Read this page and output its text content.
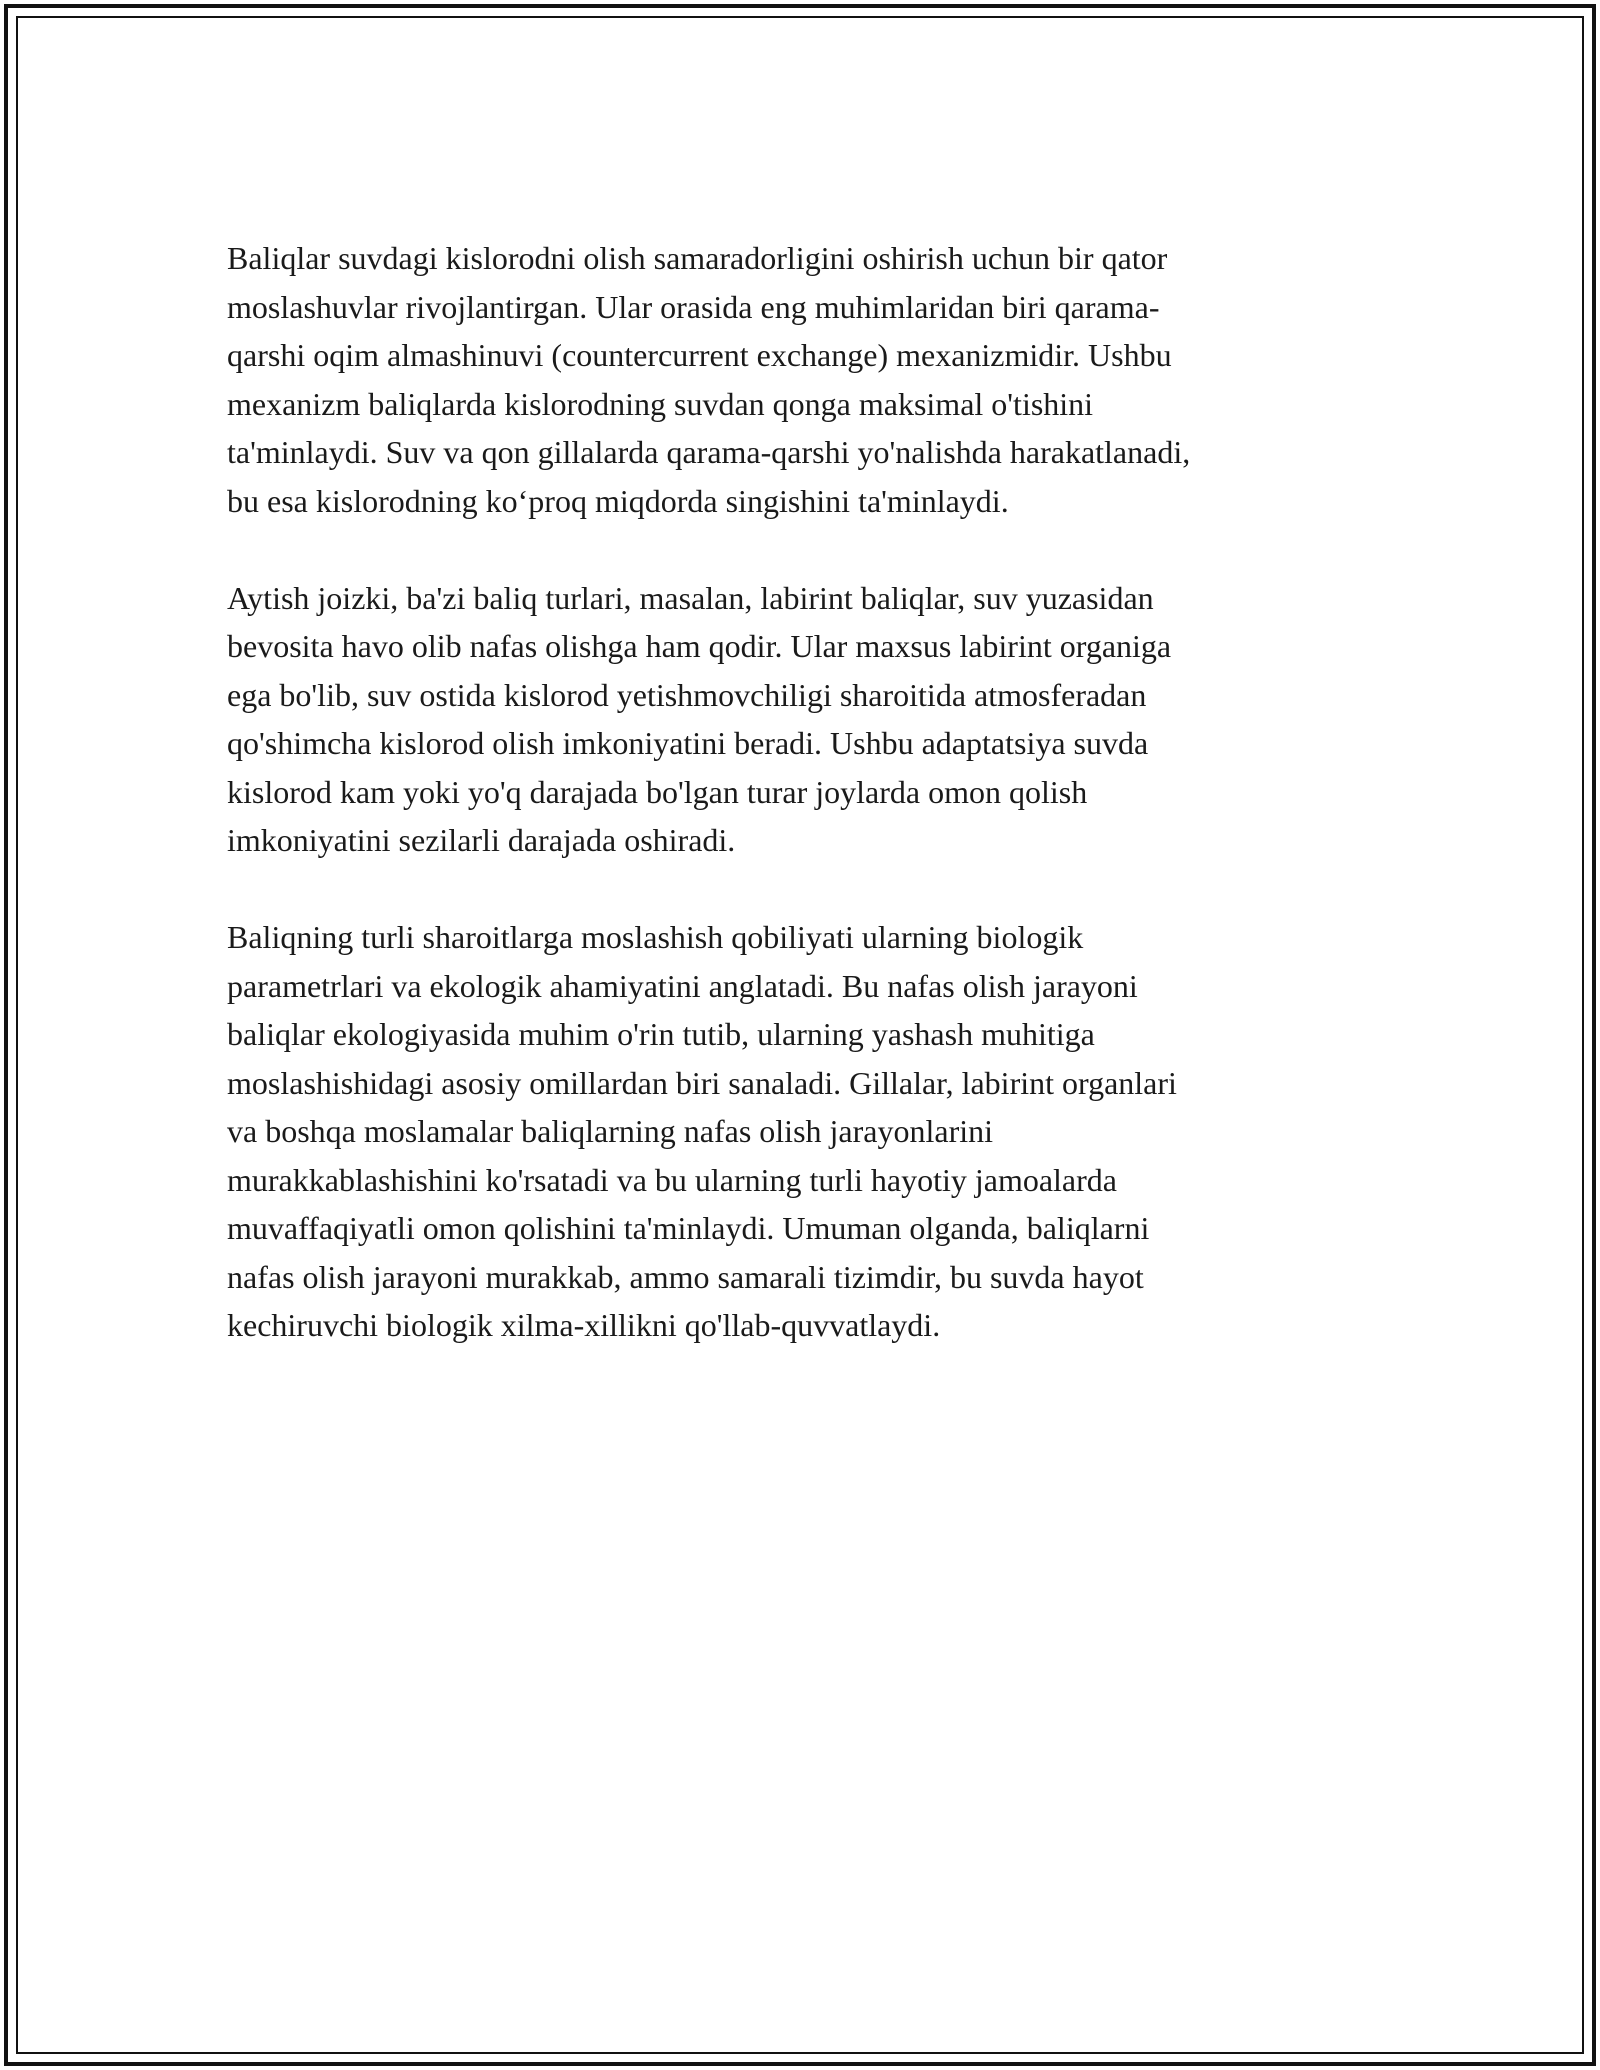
Baliqlar suvdagi kislorodni olish samaradorligini oshirish uchun bir qator
moslashuvlar rivojlantirgan. Ular orasida eng muhimlaridan biri qarama-
qarshi oqim almashinuvi (countercurrent exchange) mexanizmidir. Ushbu
mexanizm baliqlarda kislorodning suvdan qonga maksimal o'tishini
ta'minlaydi. Suv va qon gillalarda qarama-qarshi yo'nalishda harakatlanadi,
bu esa kislorodning ko‘proq miqdorda singishini ta'minlaydi.

Aytish joizki, ba'zi baliq turlari, masalan, labirint baliqlar, suv yuzasidan
bevosita havo olib nafas olishga ham qodir. Ular maxsus labirint organiga
ega bo'lib, suv ostida kislorod yetishmovchiligi sharoitida atmosferadan
qo'shimcha kislorod olish imkoniyatini beradi. Ushbu adaptatsiya suvda
kislorod kam yoki yo'q darajada bo'lgan turar joylarda omon qolish
imkoniyatini sezilarli darajada oshiradi.

Baliqning turli sharoitlarga moslashish qobiliyati ularning biologik
parametrlari va ekologik ahamiyatini anglatadi. Bu nafas olish jarayoni
baliqlar ekologiyasida muhim o'rin tutib, ularning yashash muhitiga
moslashishidagi asosiy omillardan biri sanaladi. Gillalar, labirint organlari
va boshqa moslamalar baliqlarning nafas olish jarayonlarini
murakkablashishini ko'rsatadi va bu ularning turli hayotiy jamoalarda
muvaffaqiyatli omon qolishini ta'minlaydi. Umuman olganda, baliqlarni
nafas olish jarayoni murakkab, ammo samarali tizimdir, bu suvda hayot
kechiruvchi biologik xilma-xillikni qo'llab-quvvatlaydi.
